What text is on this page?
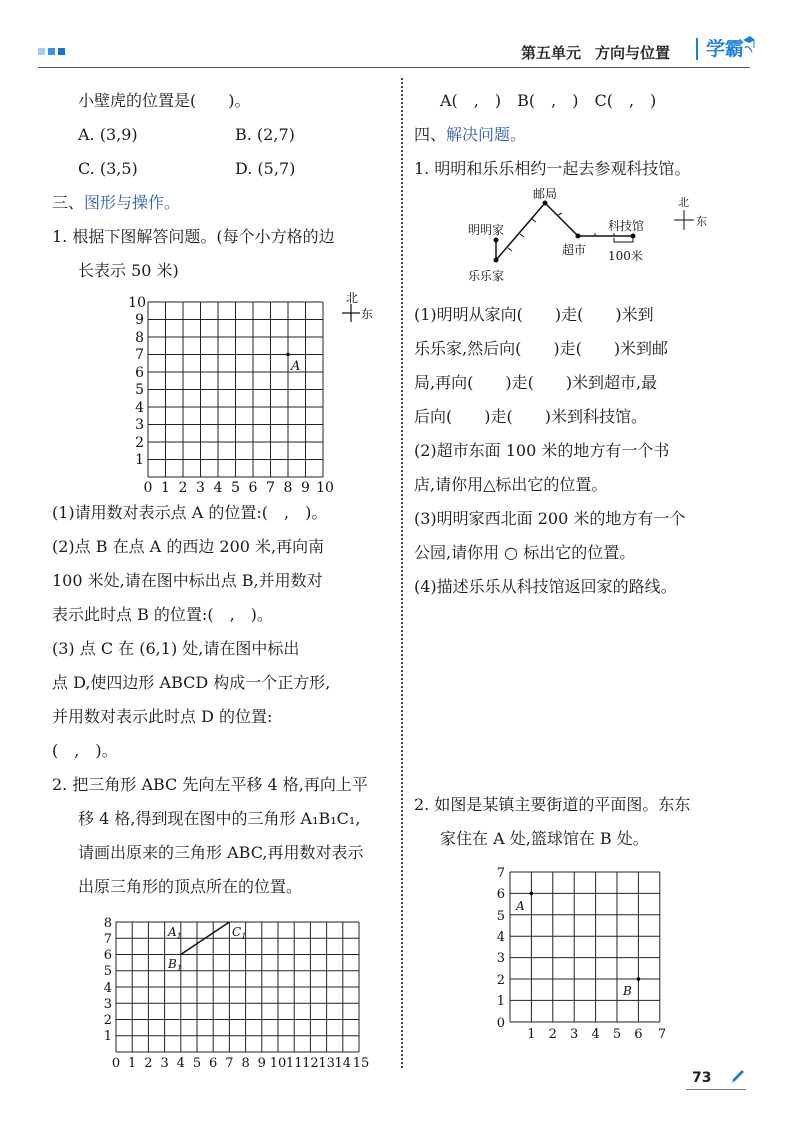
第五单元 方向与位置	学霸
小壁虎的位置是(　　)。
A. (3,9)	B. (2,7)
C. (3,5)	D. (5,7)
三、图形与操作。
1. 根据下图解答问题。(每个小方格的边
长表示 50 米)
10
9
8
7
6
5
4
3
2
1
0 1 2 3 4 5 6 7 8 9 10
A
北
东
(1)请用数对表示点 A 的位置:(　,　)。
(2)点 B 在点 A 的西边 200 米,再向南
100 米处,请在图中标出点 B,并用数对
表示此时点 B 的位置:(　,　)。
(3) 点 C 在 (6,1) 处,请在图中标出
点 D,使四边形 ABCD 构成一个正方形,
并用数对表示此时点 D 的位置:
(　,　)。
2. 把三角形 ABC 先向左平移 4 格,再向上平
移 4 格,得到现在图中的三角形 A₁B₁C₁,
请画出原来的三角形 ABC,再用数对表示
出原三角形的顶点所在的位置。
8
7
6
5
4
3
2
1
0 1 2 3 4 5 6 7 8 9 10 11 12 13 14 15
$A_1$
$B_1$
$C_1$
A(　,　)　B(　,　)　C(　,　)
四、解决问题。
1. 明明和乐乐相约一起去参观科技馆。
邮局
明明家
乐乐家
超市
科技馆
100米
北
东
(1)明明从家向(　　)走(　　)米到
乐乐家,然后向(　　)走(　　)米到邮
局,再向(　　)走(　　)米到超市,最
后向(　　)走(　　)米到科技馆。
(2)超市东面 100 米的地方有一个书
店,请你用△标出它的位置。
(3)明明家西北面 200 米的地方有一个
公园,请你用 ○ 标出它的位置。
(4)描述乐乐从科技馆返回家的路线。
2. 如图是某镇主要街道的平面图。东东
家住在 A 处,篮球馆在 B 处。
7
6
5
4
3
2
1
0
1 2 3 4 5 6 7
A
B
73
